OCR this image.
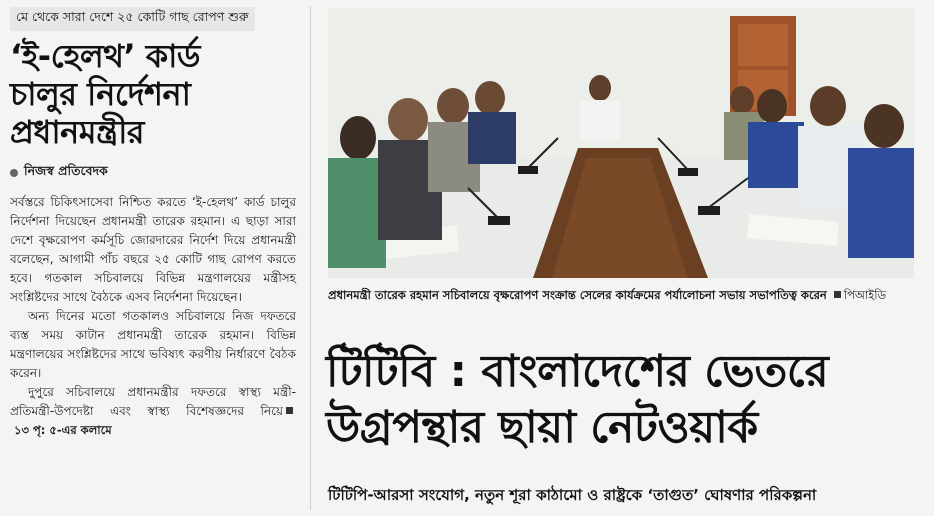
মে থেকে সারা দেশে ২৫ কোটি গাছ রোপণ শুরু
‘ই-হেলথ’ কার্ড
চালুর নির্দেশনা
প্রধানমন্ত্রীর
নিজস্ব প্রতিবেদক

সর্বস্তরে চিকিৎসাসেবা নিশ্চিত করতে ‘ই-হেলথ’ কার্ড চালুর নির্দেশনা দিয়েছেন প্রধানমন্ত্রী তারেক রহমান। এ ছাড়া সারা দেশে বৃক্ষরোপণ কর্মসূচি জোরদারের নির্দেশ দিয়ে প্রধানমন্ত্রী বলেছেন, আগামী পাঁচ বছরে ২৫ কোটি গাছ রোপণ করতে হবে। গতকাল সচিবালয়ে বিভিন্ন মন্ত্রণালয়ের মন্ত্রীসহ সংশ্লিষ্টদের সাথে বৈঠকে এসব নির্দেশনা দিয়েছেন।

অন্য দিনের মতো গতকালও সচিবালয়ে নিজ দফতরে ব্যস্ত সময় কাটান প্রধানমন্ত্রী তারেক রহমান। বিভিন্ন মন্ত্রণালয়ের সংশ্লিষ্টদের সাথে ভবিষ্যৎ করণীয় নির্ধারণে বৈঠক করেন।

দুপুরে সচিবালয়ে প্রধানমন্ত্রীর দফতরে স্বাস্থ্য মন্ত্রী-প্রতিমন্ত্রী-উপদেষ্টা এবং স্বাস্থ্য বিশেষজ্ঞদের নিয়ে১৩ পৃ: ৫-এর কলামে

প্রধানমন্ত্রী তারেক রহমান সচিবালয়ে বৃক্ষরোপণ সংক্রান্ত সেলের কার্যক্রমের পর্যালোচনা সভায় সভাপতিত্ব করেন পিআইডি
টিটিবি : বাংলাদেশের ভেতরে
উগ্রপন্থার ছায়া নেটওয়ার্ক
টিটিপি-আরসা সংযোগ, নতুন শূরা কাঠামো ও রাষ্ট্রকে ‘তাগুত’ ঘোষণার পরিকল্পনা
